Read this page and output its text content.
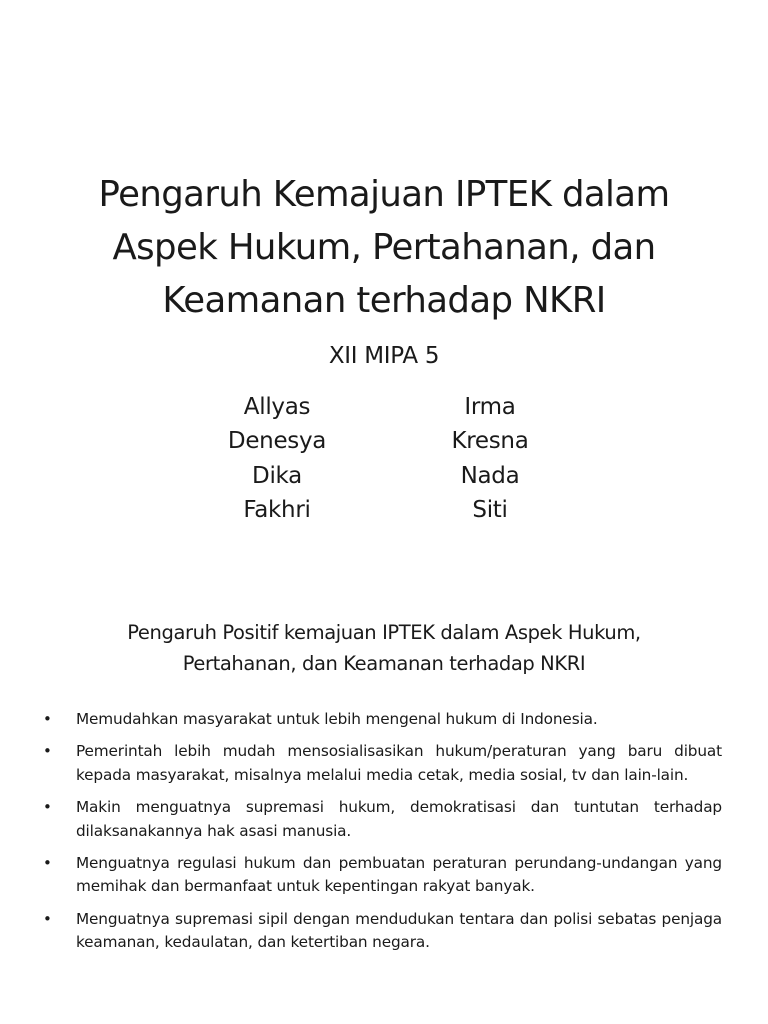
Pengaruh Kemajuan IPTEK dalam
Aspek Hukum, Pertahanan, dan
Keamanan terhadap NKRI
XII MIPA 5
Allyas
Denesya
Dika
Fakhri
Irma
Kresna
Nada
Siti
Pengaruh Positif kemajuan IPTEK dalam Aspek Hukum,
Pertahanan, dan Keamanan terhadap NKRI
• Memudahkan masyarakat untuk lebih mengenal hukum di Indonesia.
• Pemerintah lebih mudah mensosialisasikan hukum/peraturan yang baru dibuat kepada masyarakat, misalnya melalui media cetak, media sosial, tv dan lain-lain.
• Makin menguatnya supremasi hukum, demokratisasi dan tuntutan terhadap dilaksanakannya hak asasi manusia.
• Menguatnya regulasi hukum dan pembuatan peraturan perundang-undangan yang memihak dan bermanfaat untuk kepentingan rakyat banyak.
• Menguatnya supremasi sipil dengan mendudukan tentara dan polisi sebatas penjaga keamanan, kedaulatan, dan ketertiban negara.
